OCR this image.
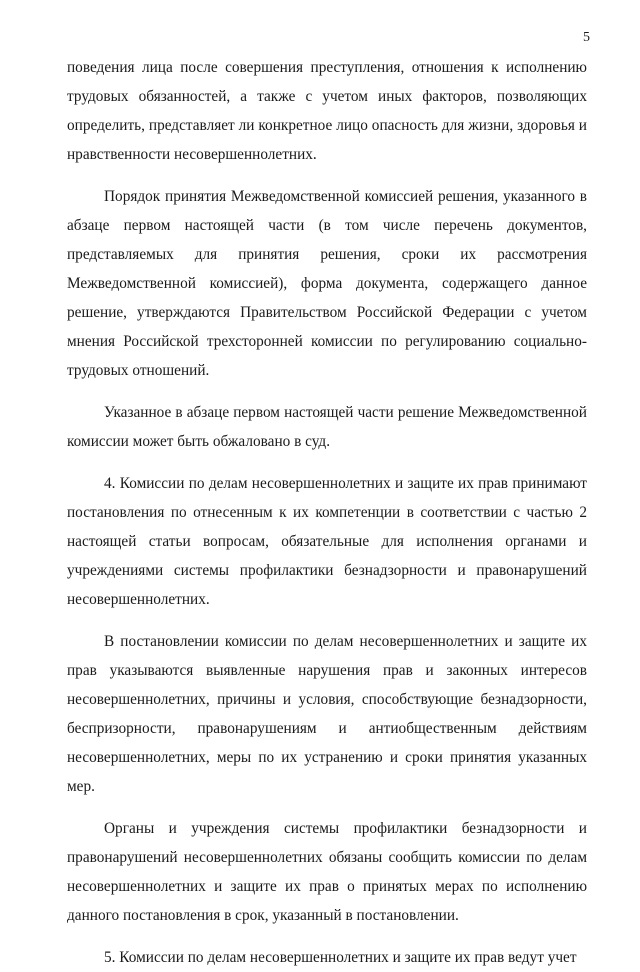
5

поведения лица после совершения преступления, отношения к исполнению трудовых обязанностей, а также с учетом иных факторов, позволяющих определить, представляет ли конкретное лицо опасность для жизни, здоровья и нравственности несовершеннолетних.

Порядок принятия Межведомственной комиссией решения, указанного в абзаце первом настоящей части (в том числе перечень документов, представляемых для принятия решения, сроки их рассмотрения Межведомственной комиссией), форма документа, содержащего данное решение, утверждаются Правительством Российской Федерации с учетом мнения Российской трехсторонней комиссии по регулированию социально-трудовых отношений.

Указанное в абзаце первом настоящей части решение Межведомственной комиссии может быть обжаловано в суд.

4. Комиссии по делам несовершеннолетних и защите их прав принимают постановления по отнесенным к их компетенции в соответствии с частью 2 настоящей статьи вопросам, обязательные для исполнения органами и учреждениями системы профилактики безнадзорности и правонарушений несовершеннолетних.

В постановлении комиссии по делам несовершеннолетних и защите их прав указываются выявленные нарушения прав и законных интересов несовершеннолетних, причины и условия, способствующие безнадзорности, беспризорности, правонарушениям и антиобщественным действиям несовершеннолетних, меры по их устранению и сроки принятия указанных мер.

Органы и учреждения системы профилактики безнадзорности и правонарушений несовершеннолетних обязаны сообщить комиссии по делам несовершеннолетних и защите их прав о принятых мерах по исполнению данного постановления в срок, указанный в постановлении.

5. Комиссии по делам несовершеннолетних и защите их прав ведут учет
